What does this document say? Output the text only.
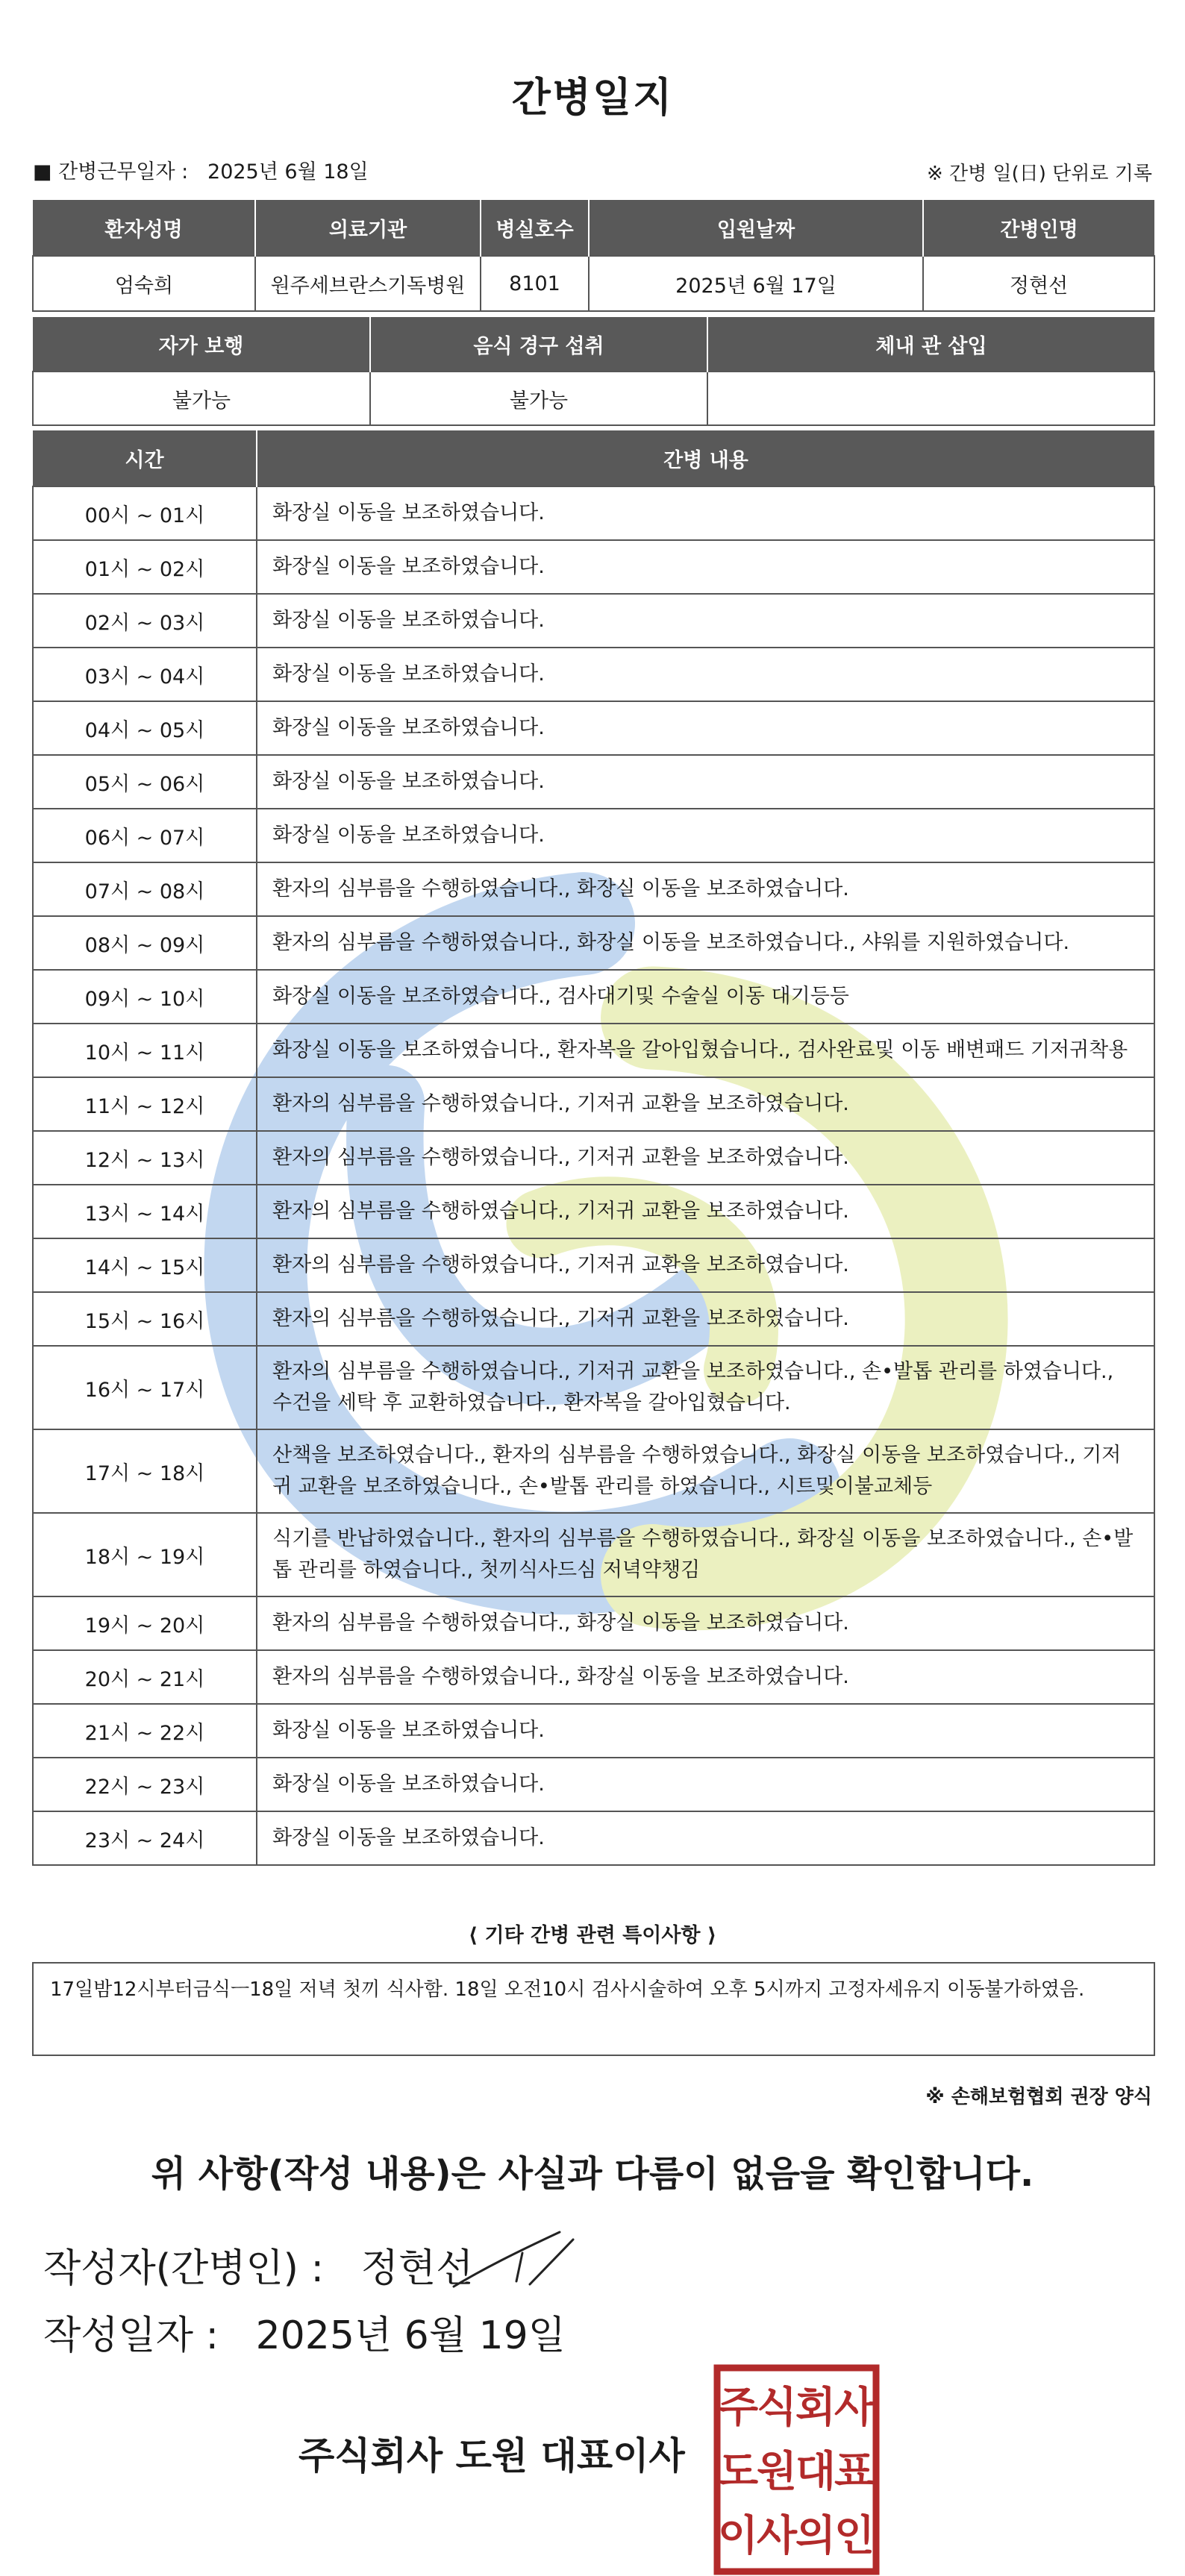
간병일지
■ 간병근무일자 : 2025년 6월 18일	※ 간병 일(日) 단위로 기록
환자성명	의료기관	병실호수	입원날짜	간병인명
엄숙희	원주세브란스기독병원	8101	2025년 6월 17일	정현선
자가 보행	음식 경구 섭취	체내 관 삽입
불가능	불가능	
시간	간병 내용
00시 ~ 01시	화장실 이동을 보조하였습니다.
01시 ~ 02시	화장실 이동을 보조하였습니다.
02시 ~ 03시	화장실 이동을 보조하였습니다.
03시 ~ 04시	화장실 이동을 보조하였습니다.
04시 ~ 05시	화장실 이동을 보조하였습니다.
05시 ~ 06시	화장실 이동을 보조하였습니다.
06시 ~ 07시	화장실 이동을 보조하였습니다.
07시 ~ 08시	환자의 심부름을 수행하였습니다., 화장실 이동을 보조하였습니다.
08시 ~ 09시	환자의 심부름을 수행하였습니다., 화장실 이동을 보조하였습니다., 샤워를 지원하였습니다.
09시 ~ 10시	화장실 이동을 보조하였습니다., 검사대기및 수술실 이동 대기등등
10시 ~ 11시	화장실 이동을 보조하였습니다., 환자복을 갈아입혔습니다., 검사완료및 이동 배변패드 기저귀착용
11시 ~ 12시	환자의 심부름을 수행하였습니다., 기저귀 교환을 보조하였습니다.
12시 ~ 13시	환자의 심부름을 수행하였습니다., 기저귀 교환을 보조하였습니다.
13시 ~ 14시	환자의 심부름을 수행하였습니다., 기저귀 교환을 보조하였습니다.
14시 ~ 15시	환자의 심부름을 수행하였습니다., 기저귀 교환을 보조하였습니다.
15시 ~ 16시	환자의 심부름을 수행하였습니다., 기저귀 교환을 보조하였습니다.
16시 ~ 17시	환자의 심부름을 수행하였습니다., 기저귀 교환을 보조하였습니다., 손•발톱 관리를 하였습니다., 수건을 세탁 후 교환하였습니다., 환자복을 갈아입혔습니다.
17시 ~ 18시	산책을 보조하였습니다., 환자의 심부름을 수행하였습니다., 화장실 이동을 보조하였습니다., 기저귀 교환을 보조하였습니다., 손•발톱 관리를 하였습니다., 시트및이불교체등
18시 ~ 19시	식기를 반납하였습니다., 환자의 심부름을 수행하였습니다., 화장실 이동을 보조하였습니다., 손•발톱 관리를 하였습니다., 첫끼식사드심 저녁약챙김
19시 ~ 20시	환자의 심부름을 수행하였습니다., 화장실 이동을 보조하였습니다.
20시 ~ 21시	환자의 심부름을 수행하였습니다., 화장실 이동을 보조하였습니다.
21시 ~ 22시	화장실 이동을 보조하였습니다.
22시 ~ 23시	화장실 이동을 보조하였습니다.
23시 ~ 24시	화장실 이동을 보조하였습니다.
⟨ 기타 간병 관련 특이사항 ⟩
17일밤12시부터금식ㅡ18일 저녁 첫끼 식사함. 18일 오전10시 검사시술하여 오후 5시까지 고정자세유지 이동불가하였음.
※ 손해보험협회 권장 양식
위 사항(작성 내용)은 사실과 다름이 없음을 확인합니다.
작성자(간병인) : 정현선
작성일자 : 2025년 6월 19일
주식회사 도원 대표이사
주
식
회
사
도
원
대
표
이
사
의
인
